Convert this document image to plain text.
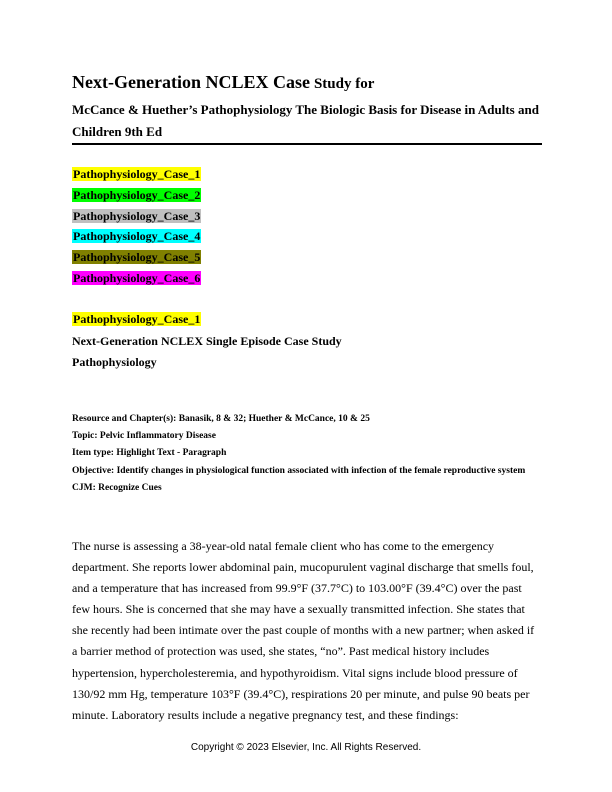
Next-Generation NCLEX Case Study for
McCance & Huether’s Pathophysiology The Biologic Basis for Disease in Adults and Children 9th Ed
Pathophysiology_Case_1
Pathophysiology_Case_2
Pathophysiology_Case_3
Pathophysiology_Case_4
Pathophysiology_Case_5
Pathophysiology_Case_6
Pathophysiology_Case_1
Next-Generation NCLEX Single Episode Case Study
Pathophysiology
Resource and Chapter(s): Banasik, 8 & 32; Huether & McCance, 10 & 25
Topic: Pelvic Inflammatory Disease
Item type: Highlight Text - Paragraph
Objective: Identify changes in physiological function associated with infection of the female reproductive system
CJM: Recognize Cues

The nurse is assessing a 38-year-old natal female client who has come to the emergency department. She reports lower abdominal pain, mucopurulent vaginal discharge that smells foul, and a temperature that has increased from 99.9°F (37.7°C) to 103.00°F (39.4°C) over the past few hours. She is concerned that she may have a sexually transmitted infection. She states that she recently had been intimate over the past couple of months with a new partner; when asked if a barrier method of protection was used, she states, “no”. Past medical history includes hypertension, hypercholesteremia, and hypothyroidism. Vital signs include blood pressure of 130/92 mm Hg, temperature 103°F (39.4°C), respirations 20 per minute, and pulse 90 beats per minute. Laboratory results include a negative pregnancy test, and these findings:

Copyright © 2023 Elsevier, Inc. All Rights Reserved.
